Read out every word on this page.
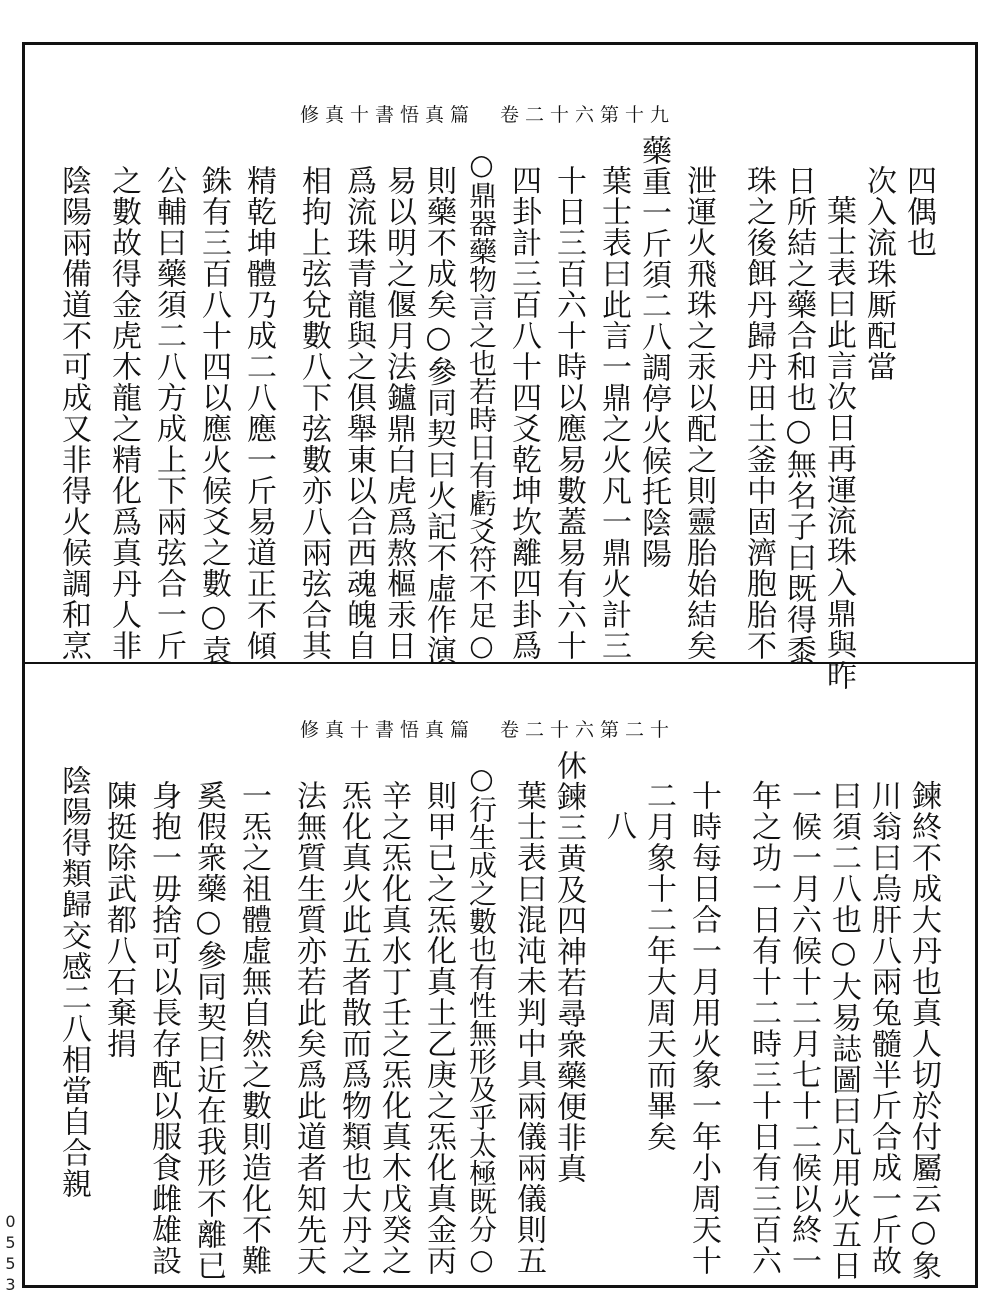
修真十書悟真篇　卷二十六第十九
修真十書悟真篇　卷二十六第二十
四偶也
次入流珠厮配當
葉士表曰此言次日再運流珠入鼎與昨
日所結之藥合和也○無名子曰既得黍
珠之後餌丹歸丹田土釜中固濟胞胎不
泄運火飛珠之汞以配之則靈胎始結矣
藥重一斤須二八調停火候托陰陽
葉士表曰此言一鼎之火凡一鼎火計三
十日三百六十時以應易數蓋易有六十
四卦計三百八十四爻乾坤坎離四卦爲
○鼎器藥物言之也若時日有虧爻符不足○
則藥不成矣○參同契曰火記不虛作演
易以明之偃月法鑪鼎白虎爲熬樞汞日
爲流珠青龍與之俱舉東以合西魂魄自
相拘上弦兌數八下弦數亦八兩弦合其
精乾坤體乃成二八應一斤易道正不傾
銖有三百八十四以應火候爻之數○袁
公輔曰藥須二八方成上下兩弦合一斤
之數故得金虎木龍之精化爲真丹人非
陰陽兩備道不可成又非得火候調和烹
鍊終不成大丹也真人切於付屬云○象
川翁曰烏肝八兩兔髓半斤合成一斤故
曰須二八也○大易誌圖曰凡用火五日
一候一月六候十二月七十二候以終一
年之功一日有十二時三十日有三百六
十時每日合一月用火象一年小周天十
二月象十二年大周天而畢矣
八
休鍊三黄及四神若尋衆藥便非真
葉士表曰混沌未判中具兩儀兩儀則五
○行生成之數也有性無形及乎太極既分○
則甲已之炁化真土乙庚之炁化真金丙
辛之炁化真水丁壬之炁化真木戊癸之
炁化真火此五者散而爲物類也大丹之
法無質生質亦若此矣爲此道者知先天
一炁之祖體虛無自然之數則造化不難
奚假衆藥○參同契曰近在我形不離已
身抱一毋捨可以長存配以服食雌雄設
陳挺除武都八石棄捐
陰陽得類歸交感二八相當自合親
0553
